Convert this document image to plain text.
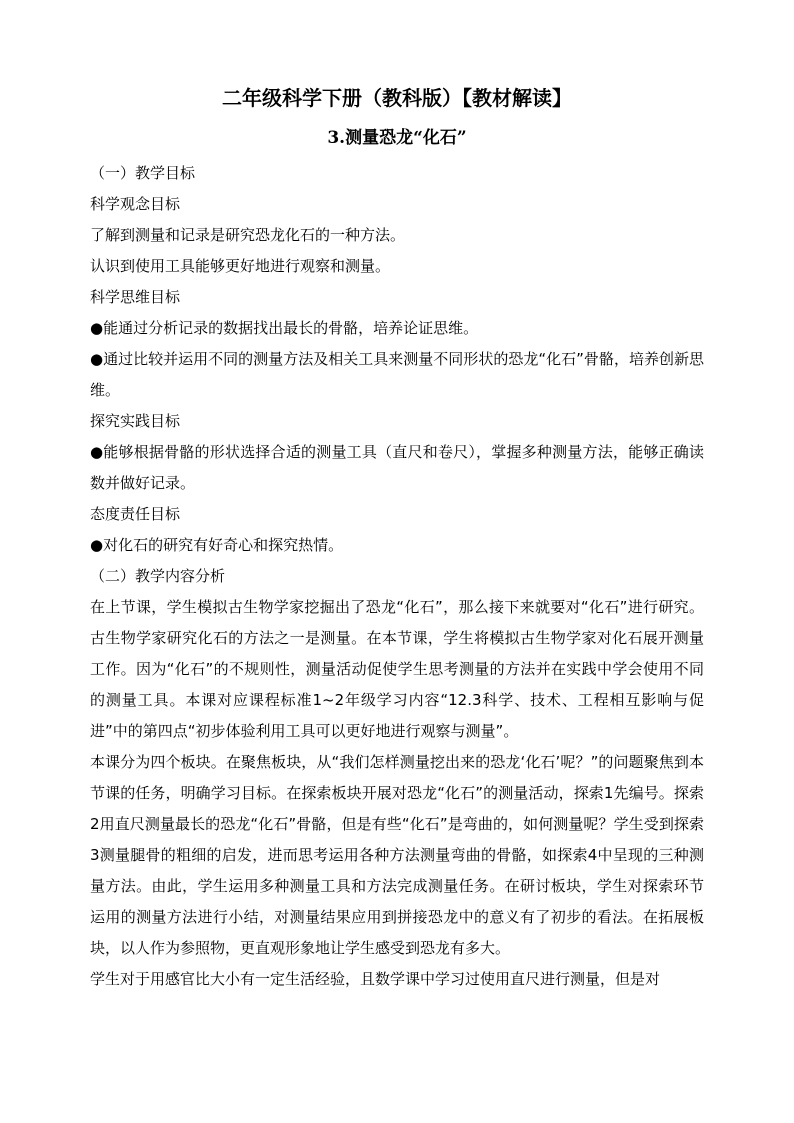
二年级科学下册（教科版）【教材解读】
3.测量恐龙“化石”

（一）教学目标

科学观念目标

了解到测量和记录是研究恐龙化石的一种方法。

认识到使用工具能够更好地进行观察和测量。

科学思维目标

●能通过分析记录的数据找出最长的骨骼，培养论证思维。

●通过比较并运用不同的测量方法及相关工具来测量不同形状的恐龙“化石”骨骼，培养创新思维。

探究实践目标

●能够根据骨骼的形状选择合适的测量工具（直尺和卷尺），掌握多种测量方法，能够正确读数并做好记录。

态度责任目标

●对化石的研究有好奇心和探究热情。

（二）教学内容分析

在上节课，学生模拟古生物学家挖掘出了恐龙“化石”，那么接下来就要对“化石”进行研究。古生物学家研究化石的方法之一是测量。在本节课，学生将模拟古生物学家对化石展开测量工作。因为“化石”的不规则性，测量活动促使学生思考测量的方法并在实践中学会使用不同的测量工具。本课对应课程标准1~2年级学习内容“12.3科学、技术、工程相互影响与促进”中的第四点“初步体验利用工具可以更好地进行观察与测量”。

本课分为四个板块。在聚焦板块，从“我们怎样测量挖出来的恐龙‘化石’呢？”的问题聚焦到本节课的任务，明确学习目标。在探索板块开展对恐龙“化石”的测量活动，探索1先编号。探索2用直尺测量最长的恐龙“化石”骨骼，但是有些“化石”是弯曲的，如何测量呢？学生受到探索3测量腿骨的粗细的启发，进而思考运用各种方法测量弯曲的骨骼，如探索4中呈现的三种测量方法。由此，学生运用多种测量工具和方法完成测量任务。在研讨板块，学生对探索环节运用的测量方法进行小结，对测量结果应用到拼接恐龙中的意义有了初步的看法。在拓展板块，以人作为参照物，更直观形象地让学生感受到恐龙有多大。

学生对于用感官比大小有一定生活经验，且数学课中学习过使用直尺进行测量，但是对
